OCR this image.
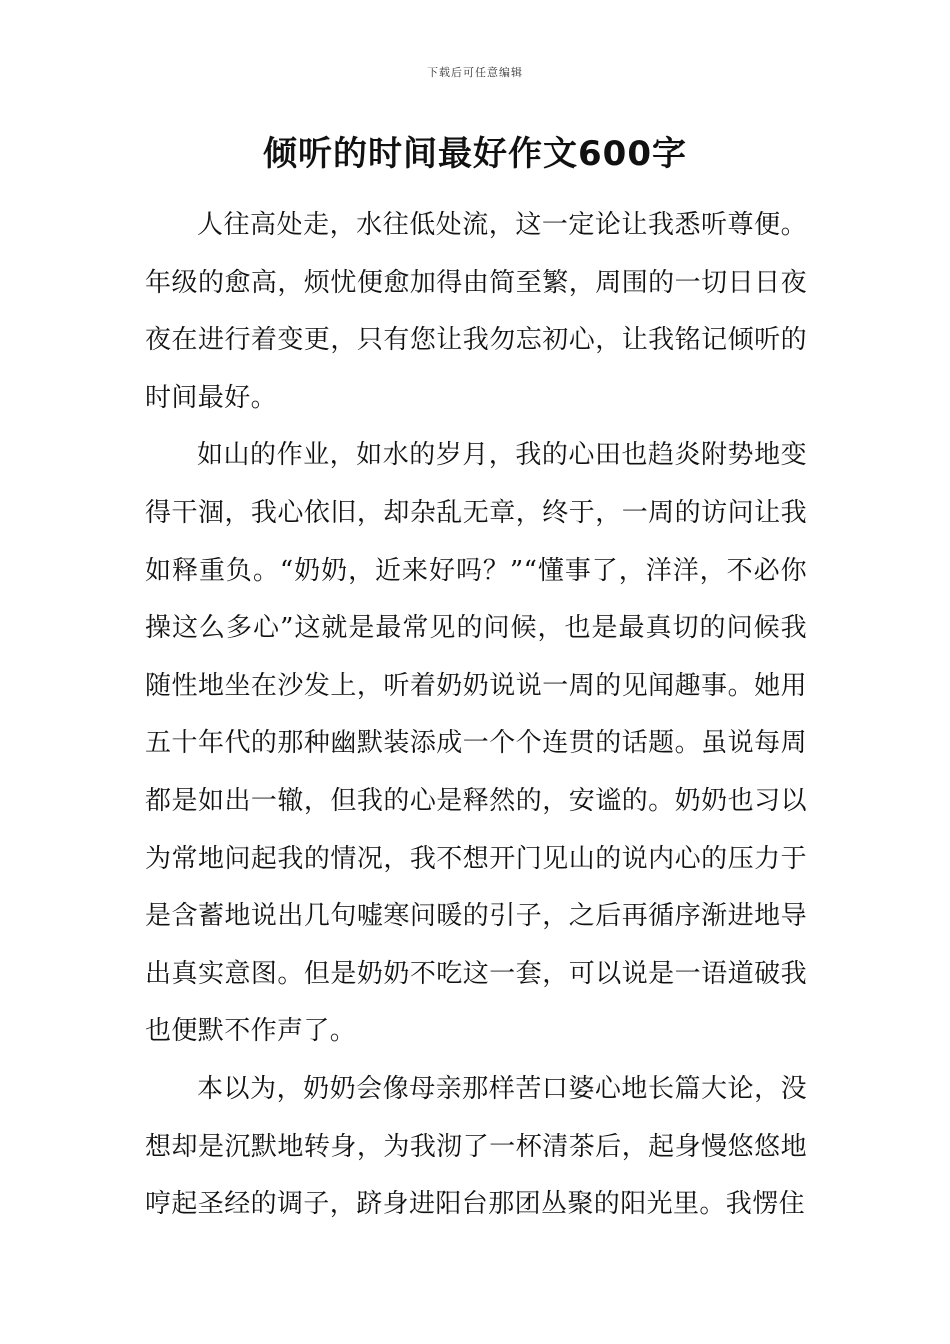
下载后可任意编辑
倾听的时间最好作文600字

人往高处走，水往低处流，这一定论让我悉听尊便。年级的愈高，烦忧便愈加得由简至繁，周围的一切日日夜夜在进行着变更，只有您让我勿忘初心，让我铭记倾听的时间最好。

如山的作业，如水的岁月，我的心田也趋炎附势地变得干涸，我心依旧，却杂乱无章，终于，一周的访问让我如释重负。“奶奶，近来好吗？”“懂事了，洋洋，不必你操这么多心”这就是最常见的问候，也是最真切的问候我随性地坐在沙发上，听着奶奶说说一周的见闻趣事。她用五十年代的那种幽默装添成一个个连贯的话题。虽说每周都是如出一辙，但我的心是释然的，安谧的。奶奶也习以为常地问起我的情况，我不想开门见山的说内心的压力于是含蓄地说出几句嘘寒问暖的引子，之后再循序渐进地导出真实意图。但是奶奶不吃这一套，可以说是一语道破我也便默不作声了。

本以为，奶奶会像母亲那样苦口婆心地长篇大论，没想却是沉默地转身，为我沏了一杯清茶后，起身慢悠悠地哼起圣经的调子，跻身进阳台那团丛聚的阳光里。我愣住
